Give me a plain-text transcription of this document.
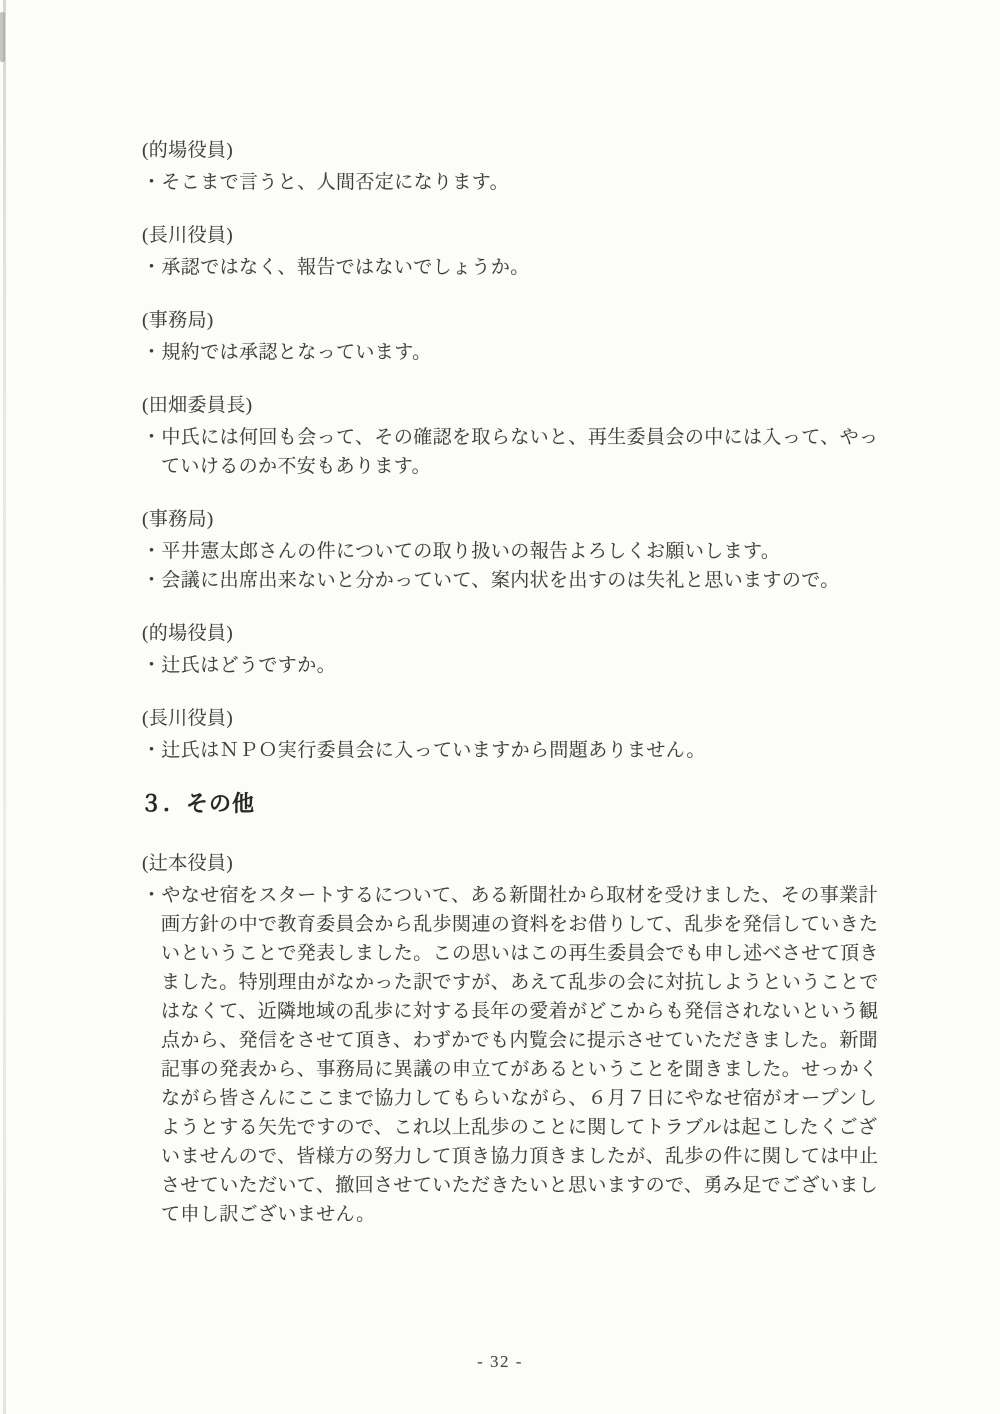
(的場役員)
・そこまで言うと、人間否定になります。
(長川役員)
・承認ではなく、報告ではないでしょうか。
(事務局)
・規約では承認となっています。
(田畑委員長)
・中氏には何回も会って、その確認を取らないと、再生委員会の中には入って、やっ
ていけるのか不安もあります。
(事務局)
・平井憲太郎さんの件についての取り扱いの報告よろしくお願いします。
・会議に出席出来ないと分かっていて、案内状を出すのは失礼と思いますので。
(的場役員)
・辻氏はどうですか。
(長川役員)
・辻氏はＮＰＯ実行委員会に入っていますから問題ありません。
３．その他
(辻本役員)
・やなせ宿をスタートするについて、ある新聞社から取材を受けました、その事業計
画方針の中で教育委員会から乱歩関連の資料をお借りして、乱歩を発信していきた
いということで発表しました。この思いはこの再生委員会でも申し述べさせて頂き
ました。特別理由がなかった訳ですが、あえて乱歩の会に対抗しようということで
はなくて、近隣地域の乱歩に対する長年の愛着がどこからも発信されないという観
点から、発信をさせて頂き、わずかでも内覧会に提示させていただきました。新聞
記事の発表から、事務局に異議の申立てがあるということを聞きました。せっかく
ながら皆さんにここまで協力してもらいながら、６月７日にやなせ宿がオープンし
ようとする矢先ですので、これ以上乱歩のことに関してトラブルは起こしたくござ
いませんので、皆様方の努力して頂き協力頂きましたが、乱歩の件に関しては中止
させていただいて、撤回させていただきたいと思いますので、勇み足でございまし
て申し訳ございません。
- 32 -
